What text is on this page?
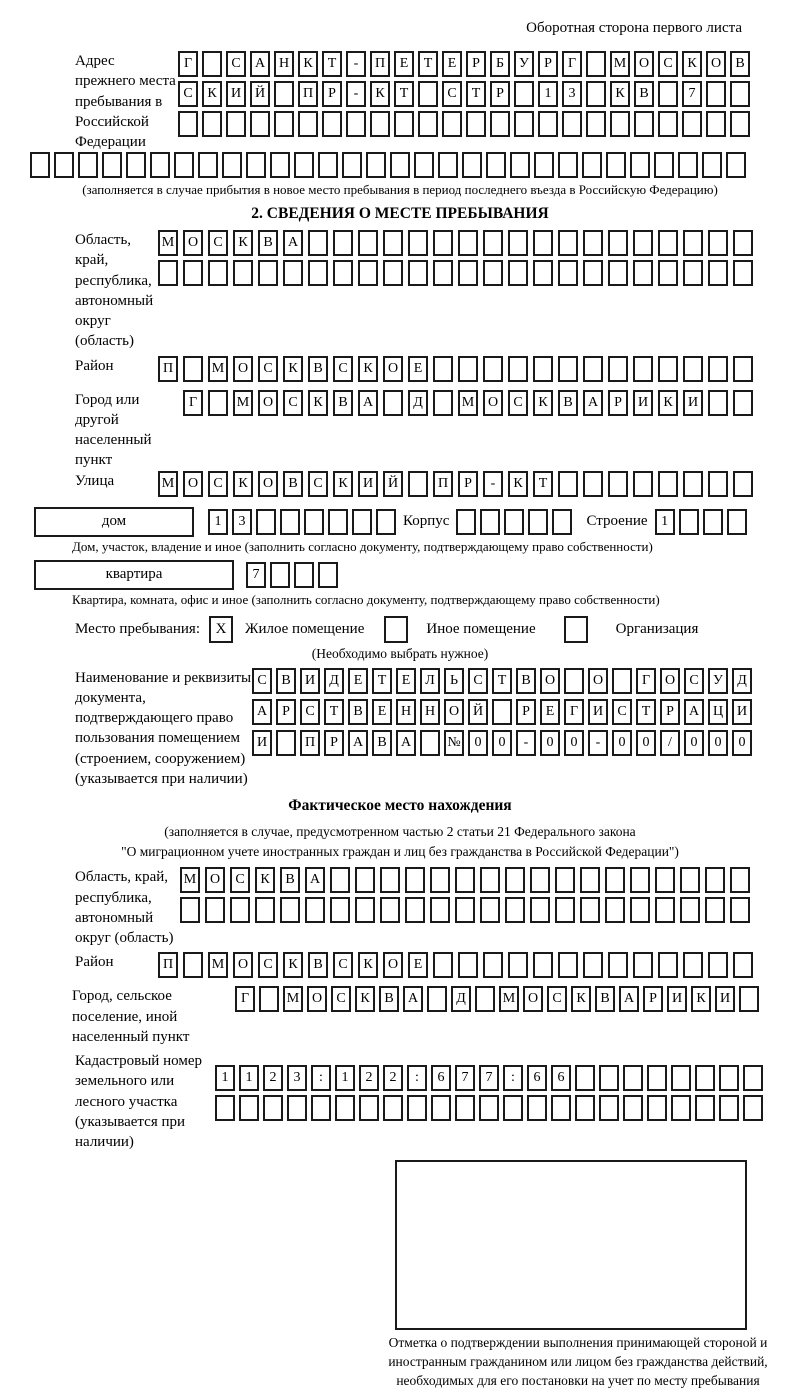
Оборотная сторона первого листа
Адрес прежнего места пребывания в Российской Федерации
Г	С	А Н	К	Т	-	П	Е	Т	Е	Р	Б	У	Р	Г	М О	С	К	О	В
С	К	И Й	П	Р	-	К	Т	С	Т	Р	1	3	К	В	7
(заполняется в случае прибытия в новое место пребывания в период последнего въезда в Российскую Федерацию)
2. СВЕДЕНИЯ О МЕСТЕ ПРЕБЫВАНИЯ
Область, край, республика, автономный округ (область)
М О	С	К	В	А
Район	П	М О	С	К	В	С	К	О	Е
Город или другой населенный пункт
Г	М О	С	К	В	А	Д	М О	С	К	В	А	Р	И	К	И
Улица	М О	С	К	О	В	С	К	И	Й	П	Р	-	К	Т
дом	1	3	Корпус	Строение 1
Дом, участок, владение и иное (заполнить согласно документу, подтверждающему право собственности)
квартира	7
Квартира, комната, офис и иное (заполнить согласно документу, подтверждающему право собственности)
Место пребывания:	X	Жилое помещение	Иное помещение	Организация
(Необходимо выбрать нужное)
Наименование и реквизиты документа, подтверждающего право пользования помещением (строением, сооружением) (указывается при наличии)
С	В	И	Д	Е	Т	Е	Л	Ь	С	Т	В	О	О	Г	О	С	У	Д
А	Р	С	Т	В	Е	Н Н О Й	Р	Е	Г	И	С	Т	Р	А Ц И
И	П	Р	А	В	А	№ 0	0	-	0	0	-	0	0	/	0	0	0
Фактическое место нахождения
(заполняется в случае, предусмотренном частью 2 статьи 21 Федерального закона
"О миграционном учете иностранных граждан и лиц без гражданства в Российской Федерации")
Область, край, республика, автономный округ (область)
М О	С	К	В	А
Район	П	М О	С	К	В	С	К	О	Е
Город, сельское поселение, иной населенный пункт
Г	М О	С	К	В	А	Д	М О	С	К	В	А	Р	И	К	И
Кадастровый номер земельного или лесного участка (указывается при наличии)
1	1	2	3	:	1	2	2	:	6	7	7	:	6	6
Отметка о подтверждении выполнения принимающей стороной и иностранным гражданином или лицом без гражданства действий, необходимых для его постановки на учет по месту пребывания
